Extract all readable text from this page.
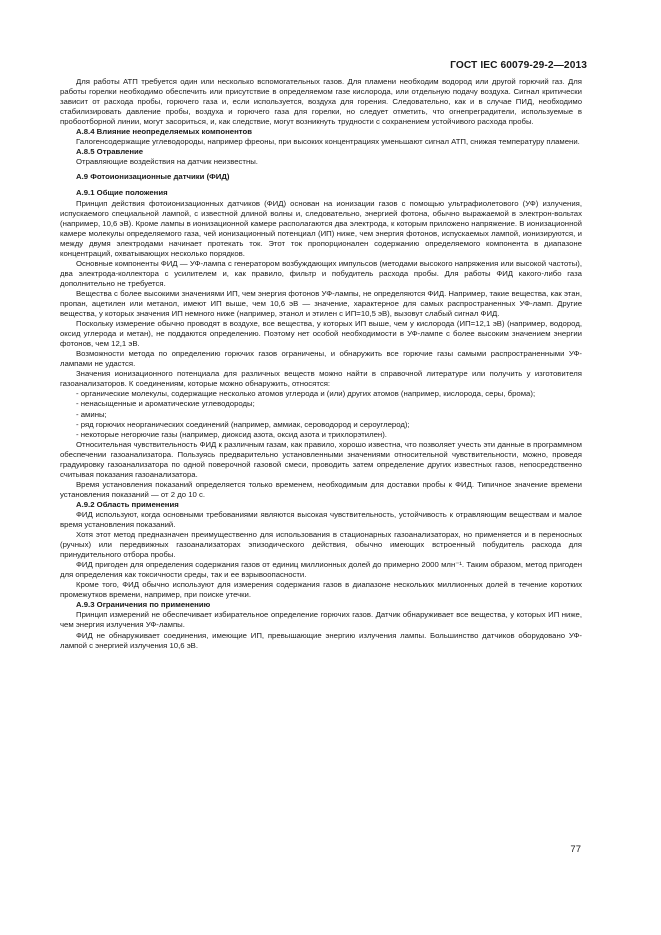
ГОСТ IEC 60079-29-2—2013

Для работы АТП требуется один или несколько вспомогательных газов. Для пламени необходим водород или другой горючий газ. Для работы горелки необходимо обеспечить или присутствие в определяемом газе кислорода, или отдельную подачу воздуха. Сигнал критически зависит от расхода пробы, горючего газа и, если используется, воздуха для горения. Следовательно, как и в случае ПИД, необходимо стабилизировать давление пробы, воздуха и горючего газа для горелки, но следует отметить, что огнепреградители, используемые в пробоотборной линии, могут засориться, и, как следствие, могут возникнуть трудности с сохранением устойчивого расхода пробы.

А.8.4 Влияние неопределяемых компонентов

Галогенсодержащие углеводороды, например фреоны, при высоких концентрациях уменьшают сигнал АТП, снижая температуру пламени.

А.8.5 Отравление

Отравляющие воздействия на датчик неизвестны.

А.9 Фотоионизационные датчики (ФИД)

А.9.1 Общие положения

Принцип действия фотоионизационных датчиков (ФИД) основан на ионизации газов с помощью ультрафиолетового (УФ) излучения, испускаемого специальной лампой, с известной длиной волны и, следовательно, энергией фотона, обычно выражаемой в электрон-вольтах (например, 10,6 эВ). Кроме лампы в ионизационной камере располагаются два электрода, к которым приложено напряжение. В ионизационной камере молекулы определяемого газа, чей ионизационный потенциал (ИП) ниже, чем энергия фотонов, испускаемых лампой, ионизируются, и между двумя электродами начинает протекать ток. Этот ток пропорционален содержанию определяемого компонента в диапазоне концентраций, охватывающих несколько порядков.

Основные компоненты ФИД — УФ-лампа с генератором возбуждающих импульсов (методами высокого напряжения или высокой частоты), два электрода-коллектора с усилителем и, как правило, фильтр и побудитель расхода пробы. Для работы ФИД какого-либо газа дополнительно не требуется.

Вещества с более высокими значениями ИП, чем энергия фотонов УФ-лампы, не определяются ФИД. Например, такие вещества, как этан, пропан, ацетилен или метанол, имеют ИП выше, чем 10,6 эВ — значение, характерное для самых распространенных УФ-ламп. Другие вещества, у которых значения ИП немного ниже (например, этанол и этилен с ИП=10,5 эВ), вызовут слабый сигнал ФИД.

Поскольку измерение обычно проводят в воздухе, все вещества, у которых ИП выше, чем у кислорода (ИП=12,1 эВ) (например, водород, оксид углерода и метан), не поддаются определению. Поэтому нет особой необходимости в УФ-лампе с более высоким значением энергии фотонов, чем 12,1 эВ.

Возможности метода по определению горючих газов ограничены, и обнаружить все горючие газы самыми распространенными УФ-лампами не удастся.

Значения ионизационного потенциала для различных веществ можно найти в справочной литературе или получить у изготовителя газоанализаторов. К соединениям, которые можно обнаружить, относятся:

- органические молекулы, содержащие несколько атомов углерода и (или) других атомов (например, кислорода, серы, брома);

- ненасыщенные и ароматические углеводороды;

- амины;

- ряд горючих неорганических соединений (например, аммиак, сероводород и сероуглерод);

- некоторые негорючие газы (например, диоксид азота, оксид азота и трихлорэтилен).

Относительная чувствительность ФИД к различным газам, как правило, хорошо известна, что позволяет учесть эти данные в программном обеспечении газоанализатора. Пользуясь предварительно установленными значениями относительной чувствительности, можно, проведя градуировку газоанализатора по одной поверочной газовой смеси, проводить затем определение других известных газов, непосредственно считывая показания газоанализатора.

Время установления показаний определяется только временем, необходимым для доставки пробы к ФИД. Типичное значение времени установления показаний — от 2 до 10 с.

А.9.2 Область применения

ФИД используют, когда основными требованиями являются высокая чувствительность, устойчивость к отравляющим веществам и малое время установления показаний.

Хотя этот метод предназначен преимущественно для использования в стационарных газоанализаторах, но применяется и в переносных (ручных) или передвижных газоанализаторах эпизодического действия, обычно имеющих встроенный побудитель расхода для принудительного отбора пробы.

ФИД пригоден для определения содержания газов от единиц миллионных долей до примерно 2000 млн⁻¹. Таким образом, метод пригоден для определения как токсичности среды, так и ее взрывоопасности.

Кроме того, ФИД обычно используют для измерения содержания газов в диапазоне нескольких миллионных долей в течение коротких промежутков времени, например, при поиске утечки.

А.9.3 Ограничения по применению

Принцип измерений не обеспечивает избирательное определение горючих газов. Датчик обнаруживает все вещества, у которых ИП ниже, чем энергия излучения УФ-лампы.

ФИД не обнаруживает соединения, имеющие ИП, превышающие энергию излучения лампы. Большинство датчиков оборудовано УФ-лампой с энергией излучения 10,6 эВ.

77
